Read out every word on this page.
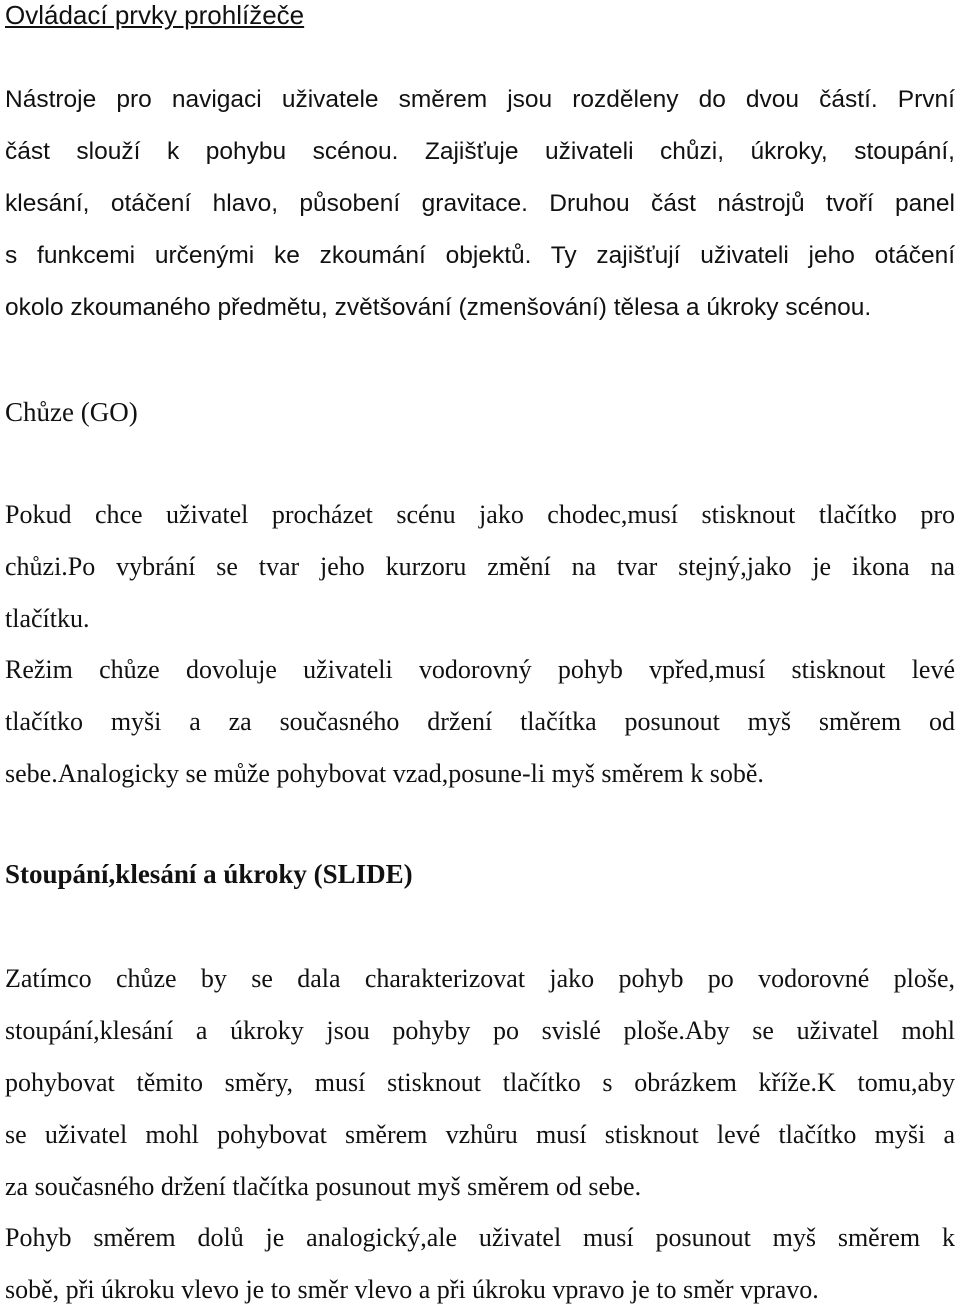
Ovládací prvky prohlížeče
Nástroje pro navigaci uživatele směrem jsou rozděleny do dvou částí. První
část slouží k pohybu scénou. Zajišťuje uživateli chůzi, úkroky, stoupání,
klesání, otáčení hlavo, působení gravitace. Druhou část nástrojů tvoří panel
s funkcemi určenými ke zkoumání objektů. Ty zajišťují uživateli jeho otáčení
okolo zkoumaného předmětu, zvětšování (zmenšování) tělesa a úkroky scénou.
Chůze (GO)
Pokud chce uživatel procházet scénu jako chodec,musí stisknout tlačítko pro
chůzi.Po vybrání se tvar jeho kurzoru změní na tvar stejný,jako je ikona na
tlačítku.
Režim chůze dovoluje uživateli vodorovný pohyb vpřed,musí stisknout levé
tlačítko myši a za současného držení tlačítka posunout myš směrem od
sebe.Analogicky se může pohybovat vzad,posune-li myš směrem k sobě.
Stoupání,klesání a úkroky (SLIDE)
Zatímco chůze by se dala charakterizovat jako pohyb po vodorovné ploše,
stoupání,klesání a úkroky jsou pohyby po svislé ploše.Aby se uživatel mohl
pohybovat těmito směry, musí stisknout tlačítko s obrázkem kříže.K tomu,aby
se uživatel mohl pohybovat směrem vzhůru musí stisknout levé tlačítko myši a
za současného držení tlačítka posunout myš směrem od sebe.
Pohyb směrem dolů je analogický,ale uživatel musí posunout myš směrem k
sobě, při úkroku vlevo je to směr vlevo a při úkroku vpravo je to směr vpravo.
